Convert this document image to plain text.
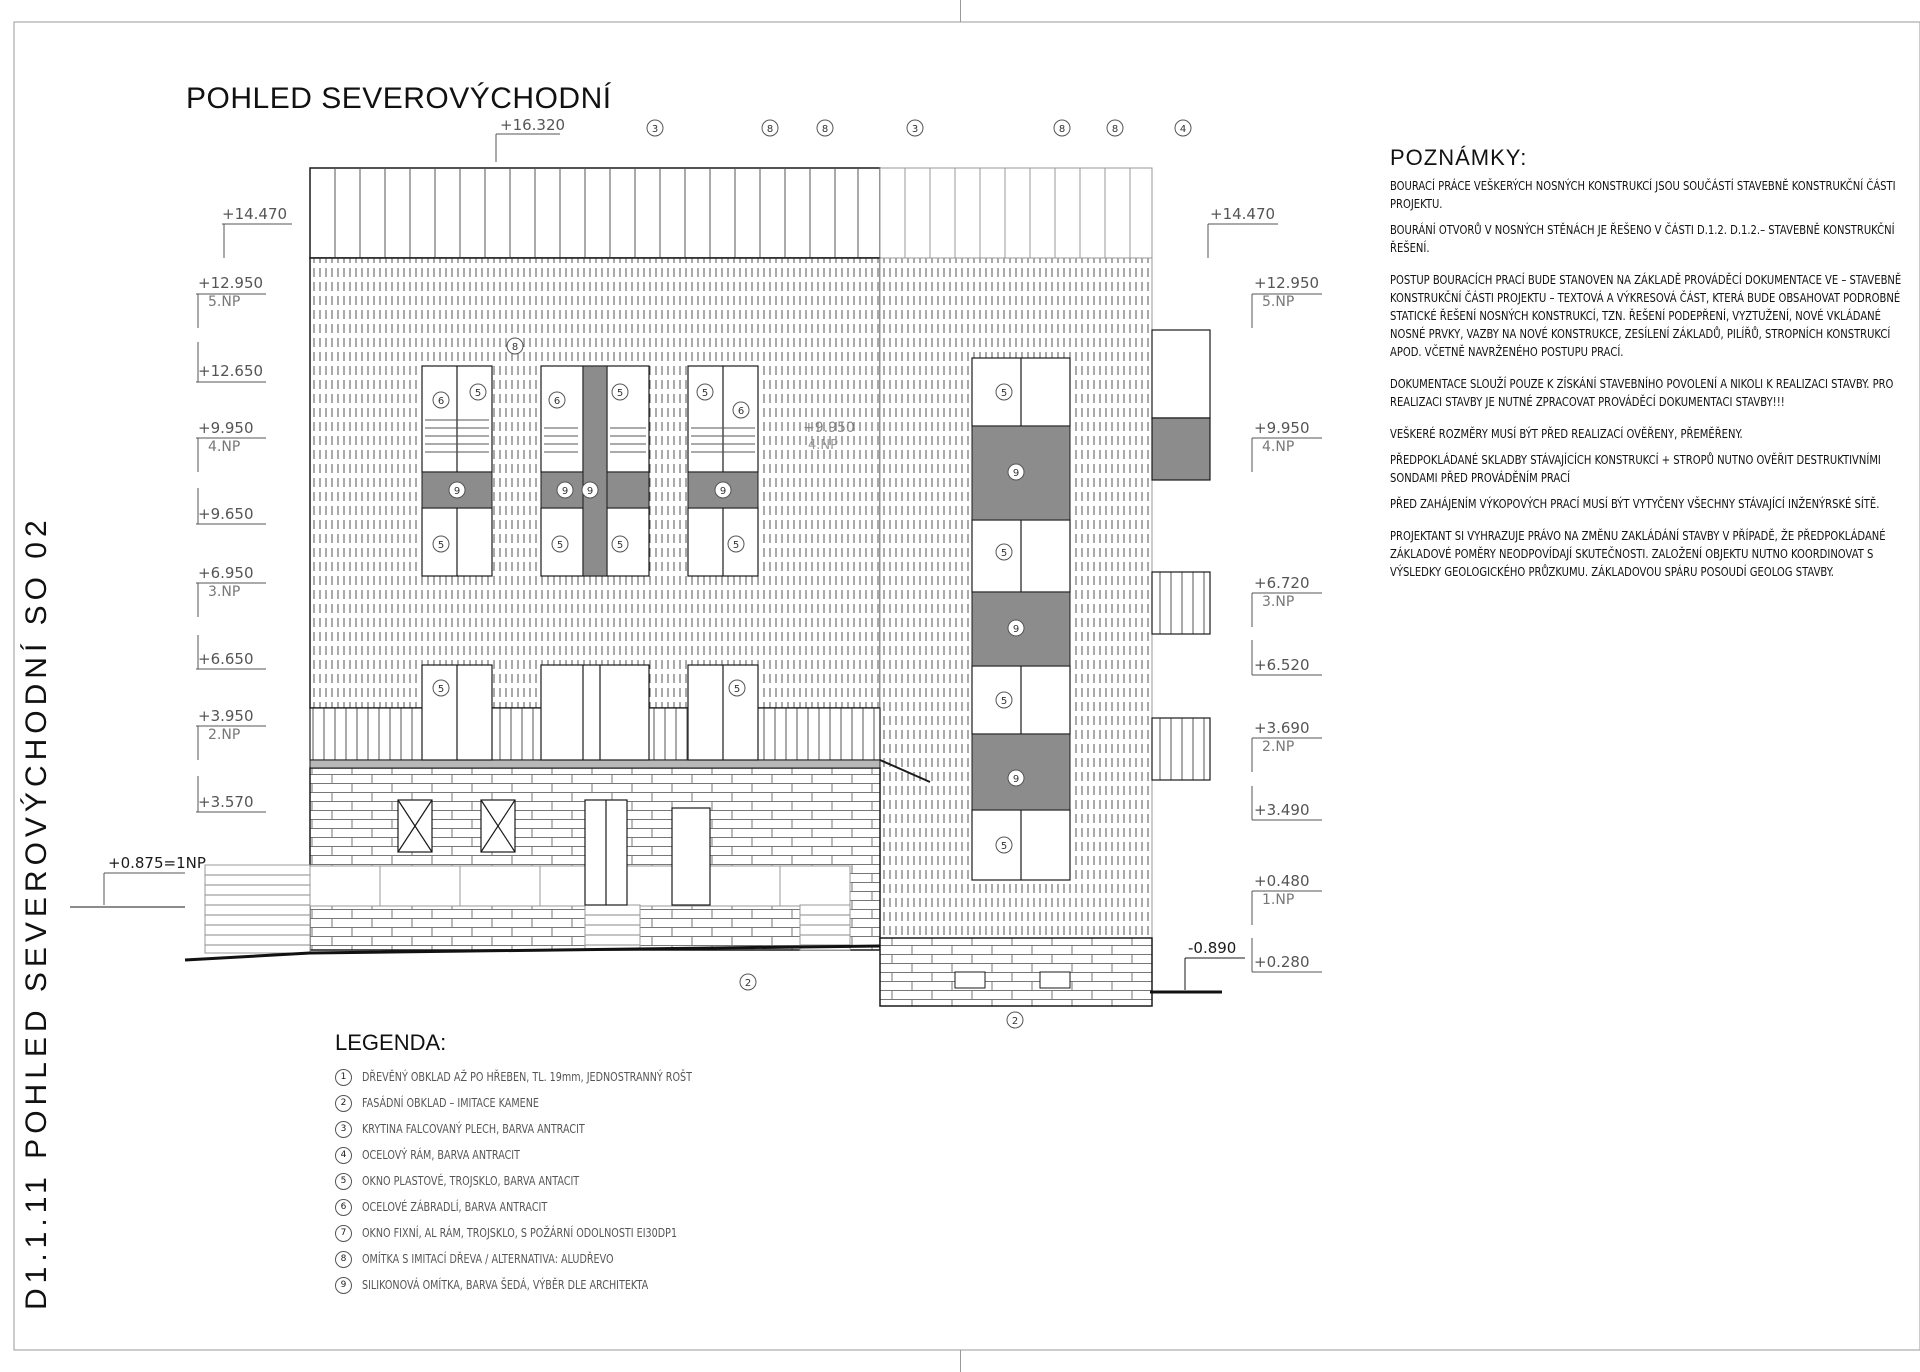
3	8	8	3	8	8	4
8
6
5
6
5	5
6
9	9 9	9
5	5	5	5
5	5
5
9
5
9
5
9
5
2
2
+16.320
+14.470
+12.950
5.NP
+12.650
+9.950
4.NP
+9.650
+6.950
3.NP
+6.650
+3.950
2.NP
+3.570
+0.875=1NP
+14.470
+12.950
5.NP
+9.950
4.NP
+6.720
3.NP
+6.520
+3.690
2.NP
+3.490
+0.480
1.NP
+0.280
-0.890
+9.950
4.NP
POHLED SEVEROVÝCHODNÍ
D1.1.11 POHLED SEVEROVÝCHODNÍ SO 02
POZNÁMKY:
BOURACÍ PRÁCE VEŠKERÝCH NOSNÝCH KONSTRUKCÍ JSOU SOUČÁSTÍ STAVEBNĚ KONSTRUKČNÍ ČÁSTI PROJEKTU.
BOURÁNÍ OTVORŮ V NOSNÝCH STĚNÁCH JE ŘEŠENO V ČÁSTI D.1.2. D.1.2.– STAVEBNĚ KONSTRUKČNÍ ŘEŠENÍ.
POSTUP BOURACÍCH PRACÍ BUDE STANOVEN NA ZÁKLADĚ PROVÁDĚCÍ DOKUMENTACE VE – STAVEBNĚ KONSTRUKČNÍ ČÁSTI PROJEKTU – TEXTOVÁ A VÝKRESOVÁ ČÁST, KTERÁ BUDE OBSAHOVAT PODROBNÉ STATICKÉ ŘEŠENÍ NOSNÝCH KONSTRUKCÍ, TZN. ŘEŠENÍ PODEPŘENÍ, VYZTUŽENÍ, NOVÉ VKLÁDANÉ NOSNÉ PRVKY, VAZBY NA NOVÉ KONSTRUKCE, ZESÍLENÍ ZÁKLADŮ, PILÍŘŮ, STROPNÍCH KONSTRUKCÍ APOD. VČETNĚ NAVRŽENÉHO POSTUPU PRACÍ.
DOKUMENTACE SLOUŽÍ POUZE K ZÍSKÁNÍ STAVEBNÍHO POVOLENÍ A NIKOLI K REALIZACI STAVBY. PRO REALIZACI STAVBY JE NUTNÉ ZPRACOVAT PROVÁDĚCÍ DOKUMENTACI STAVBY!!!
VEŠKERÉ ROZMĚRY MUSÍ BÝT PŘED REALIZACÍ OVĚŘENY, PŘEMĚŘENY.
PŘEDPOKLÁDANÉ SKLADBY STÁVAJÍCÍCH KONSTRUKCÍ + STROPŮ NUTNO OVĚŘIT DESTRUKTIVNÍMI SONDAMI PŘED PROVÁDĚNÍM PRACÍ
PŘED ZAHÁJENÍM VÝKOPOVÝCH PRACÍ MUSÍ BÝT VYTYČENY VŠECHNY STÁVAJÍCÍ INŽENÝRSKÉ SÍTĚ.
PROJEKTANT SI VYHRAZUJE PRÁVO NA ZMĚNU ZAKLÁDÁNÍ STAVBY V PŘÍPADĚ, ŽE PŘEDPOKLÁDANÉ ZÁKLADOVÉ POMĚRY NEODPOVÍDAJÍ SKUTEČNOSTI. ZALOŽENÍ OBJEKTU NUTNO KOORDINOVAT S VÝSLEDKY GEOLOGICKÉHO PRŮZKUMU. ZÁKLADOVOU SPÁRU POSOUDÍ GEOLOG STAVBY.
LEGENDA:
1	DŘEVĚNÝ OBKLAD AŽ PO HŘEBEN, TL. 19mm, JEDNOSTRANNÝ ROŠT
2	FASÁDNÍ OBKLAD – IMITACE KAMENE
3	KRYTINA FALCOVANÝ PLECH, BARVA ANTRACIT
4	OCELOVÝ RÁM, BARVA ANTRACIT
5	OKNO PLASTOVÉ, TROJSKLO, BARVA ANTACIT
6	OCELOVÉ ZÁBRADLÍ, BARVA ANTRACIT
7	OKNO FIXNÍ, AL RÁM, TROJSKLO, S POŽÁRNÍ ODOLNOSTI EI30DP1
8	OMÍTKA S IMITACÍ DŘEVA / ALTERNATIVA: ALUDŘEVO
9	SILIKONOVÁ OMÍTKA, BARVA ŠEDÁ, VÝBĚR DLE ARCHITEKTA
